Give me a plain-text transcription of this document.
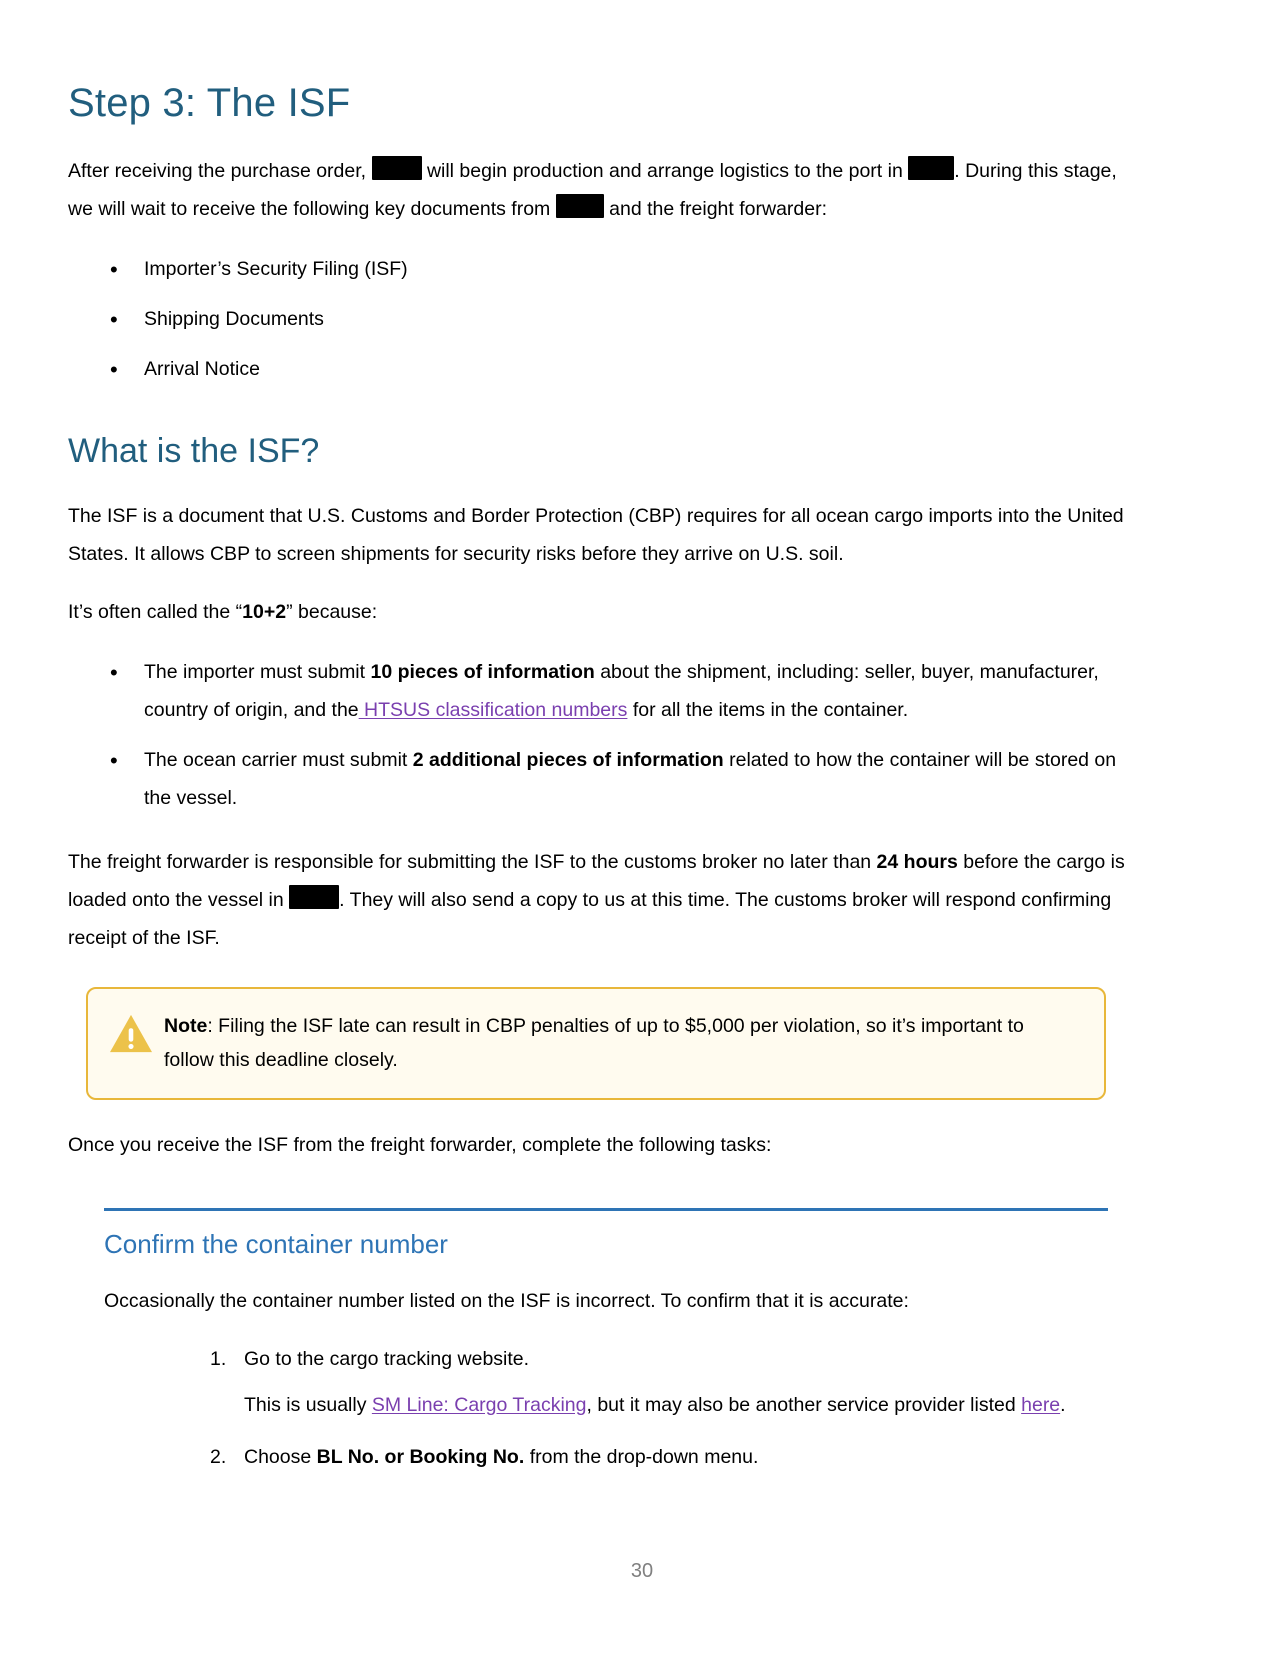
Step 3: The ISF

After receiving the purchase order,	will begin production and arrange logistics to the port in	. During this stage, we will wait to receive the following key documents from	and the freight forwarder:

• Importer’s Security Filing (ISF)
• Shipping Documents
• Arrival Notice
What is the ISF?

The ISF is a document that U.S. Customs and Border Protection (CBP) requires for all ocean cargo imports into the United States. It allows CBP to screen shipments for security risks before they arrive on U.S. soil.

It’s often called the “10+2” because:

• The importer must submit 10 pieces of information about the shipment, including: seller, buyer, manufacturer, country of origin, and the HTSUS classification numbers for all the items in the container.
• The ocean carrier must submit 2 additional pieces of information related to how the container will be stored on the vessel.

The freight forwarder is responsible for submitting the ISF to the customs broker no later than 24 hours before the cargo is loaded onto the vessel in	. They will also send a copy to us at this time. The customs broker will respond confirming receipt of the ISF.

Note: Filing the ISF late can result in CBP penalties of up to $5,000 per violation, so it’s important to follow this deadline closely.

Once you receive the ISF from the freight forwarder, complete the following tasks:

Confirm the container number

Occasionally the container number listed on the ISF is incorrect. To confirm that it is accurate:

Go to the cargo tracking website.
This is usually SM Line: Cargo Tracking, but it may also be another service provider listed here.
Choose BL No. or Booking No. from the drop-down menu.
30
